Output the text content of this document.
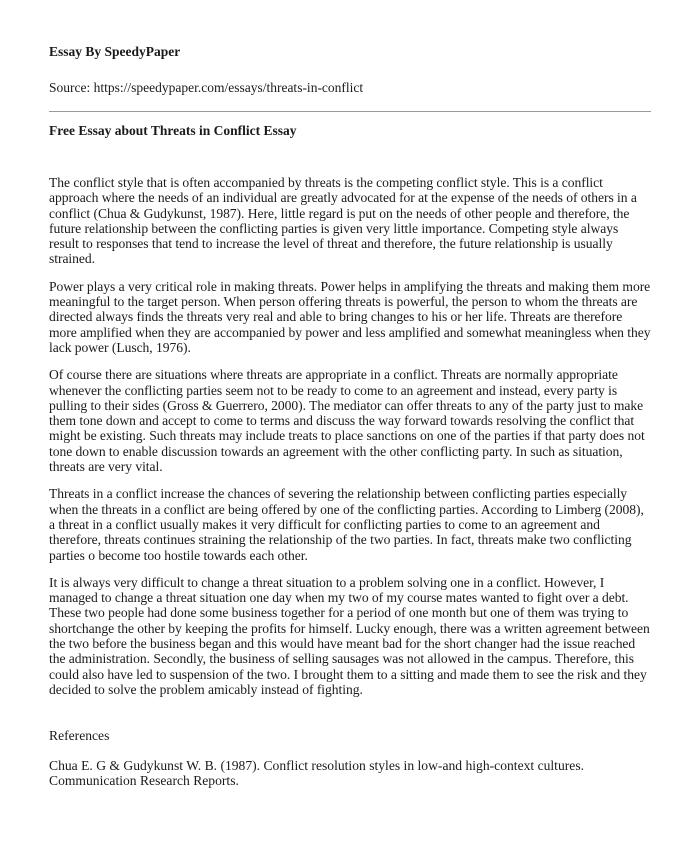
Essay By SpeedyPaper

Source: https://speedypaper.com/essays/threats-in-conflict

Free Essay about Threats in Conflict Essay

The conflict style that is often accompanied by threats is the competing conflict style. This is a conflict approach where the needs of an individual are greatly advocated for at the expense of the needs of others in a conflict (Chua & Gudykunst, 1987). Here, little regard is put on the needs of other people and therefore, the future relationship between the conflicting parties is given very little importance. Competing style always result to responses that tend to increase the level of threat and therefore, the future relationship is usually strained.

Power plays a very critical role in making threats. Power helps in amplifying the threats and making them more meaningful to the target person. When person offering threats is powerful, the person to whom the threats are directed always finds the threats very real and able to bring changes to his or her life. Threats are therefore more amplified when they are accompanied by power and less amplified and somewhat meaningless when they lack power (Lusch, 1976).

Of course there are situations where threats are appropriate in a conflict. Threats are normally appropriate whenever the conflicting parties seem not to be ready to come to an agreement and instead, every party is pulling to their sides (Gross & Guerrero, 2000). The mediator can offer threats to any of the party just to make them tone down and accept to come to terms and discuss the way forward towards resolving the conflict that might be existing. Such threats may include treats to place sanctions on one of the parties if that party does not tone down to enable discussion towards an agreement with the other conflicting party. In such as situation, threats are very vital.

Threats in a conflict increase the chances of severing the relationship between conflicting parties especially when the threats in a conflict are being offered by one of the conflicting parties. According to Limberg (2008), a threat in a conflict usually makes it very difficult for conflicting parties to come to an agreement and therefore, threats continues straining the relationship of the two parties. In fact, threats make two conflicting parties o become too hostile towards each other.

It is always very difficult to change a threat situation to a problem solving one in a conflict. However, I managed to change a threat situation one day when my two of my course mates wanted to fight over a debt. These two people had done some business together for a period of one month but one of them was trying to shortchange the other by keeping the profits for himself. Lucky enough, there was a written agreement between the two before the business began and this would have meant bad for the short changer had the issue reached the administration. Secondly, the business of selling sausages was not allowed in the campus. Therefore, this could also have led to suspension of the two. I brought them to a sitting and made them to see the risk and they decided to solve the problem amicably instead of fighting.

References

Chua E. G & Gudykunst W. B. (1987). Conflict resolution styles in low-and high-context cultures. Communication Research Reports.
